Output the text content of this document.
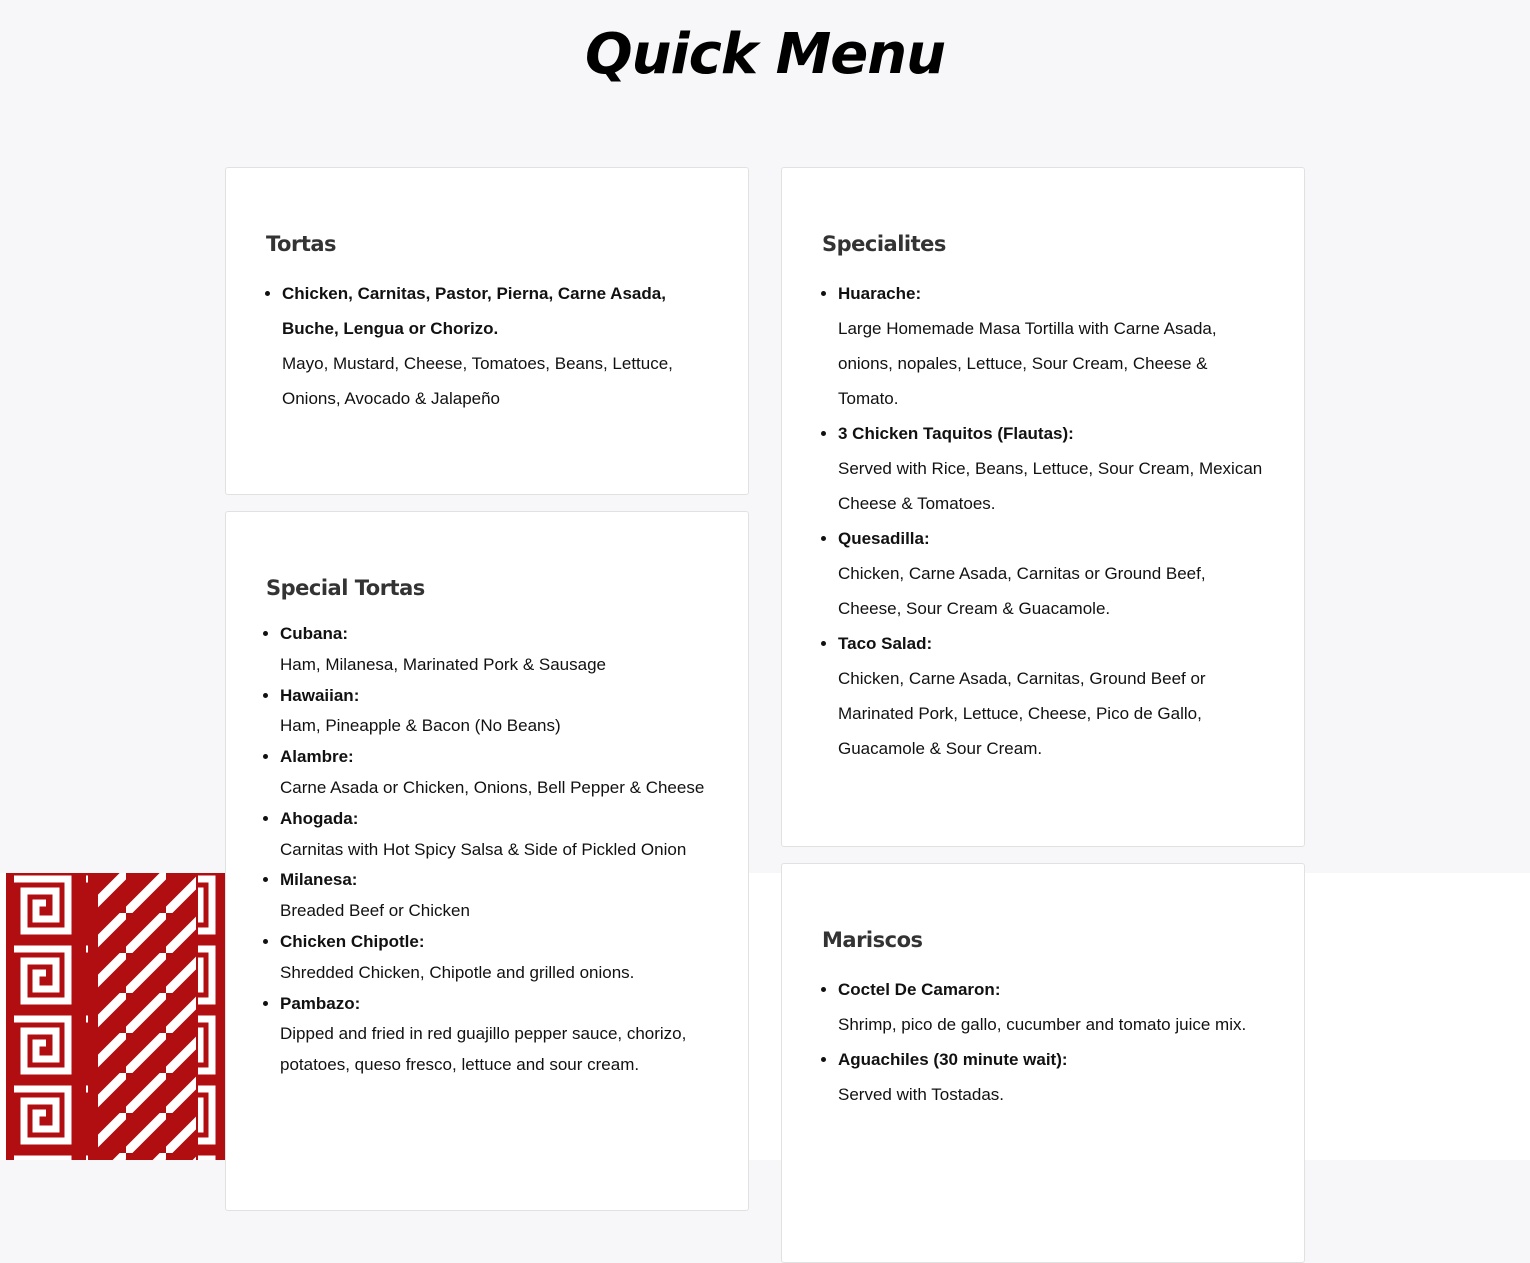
Quick Menu
Tortas
• Chicken, Carnitas, Pastor, Pierna, Carne Asada, Buche, Lengua or Chorizo.
Mayo, Mustard, Cheese, Tomatoes, Beans, Lettuce, Onions, Avocado & Jalapeño
Special Tortas
• Cubana:
Ham, Milanesa, Marinated Pork & Sausage
• Hawaiian:
Ham, Pineapple & Bacon (No Beans)
• Alambre:
Carne Asada or Chicken, Onions, Bell Pepper & Cheese
• Ahogada:
Carnitas with Hot Spicy Salsa & Side of Pickled Onion
• Milanesa:
Breaded Beef or Chicken
• Chicken Chipotle:
Shredded Chicken, Chipotle and grilled onions.
• Pambazo:
Dipped and fried in red guajillo pepper sauce, chorizo, potatoes, queso fresco, lettuce and sour cream.
Specialites
• Huarache:
Large Homemade Masa Tortilla with Carne Asada, onions, nopales, Lettuce, Sour Cream, Cheese & Tomato.
• 3 Chicken Taquitos (Flautas):
Served with Rice, Beans, Lettuce, Sour Cream, Mexican Cheese & Tomatoes.
• Quesadilla:
Chicken, Carne Asada, Carnitas or Ground Beef, Cheese, Sour Cream & Guacamole.
• Taco Salad:
Chicken, Carne Asada, Carnitas, Ground Beef or Marinated Pork, Lettuce, Cheese, Pico de Gallo, Guacamole & Sour Cream.
Mariscos
• Coctel De Camaron:
Shrimp, pico de gallo, cucumber and tomato juice mix.
• Aguachiles (30 minute wait):
Served with Tostadas.
